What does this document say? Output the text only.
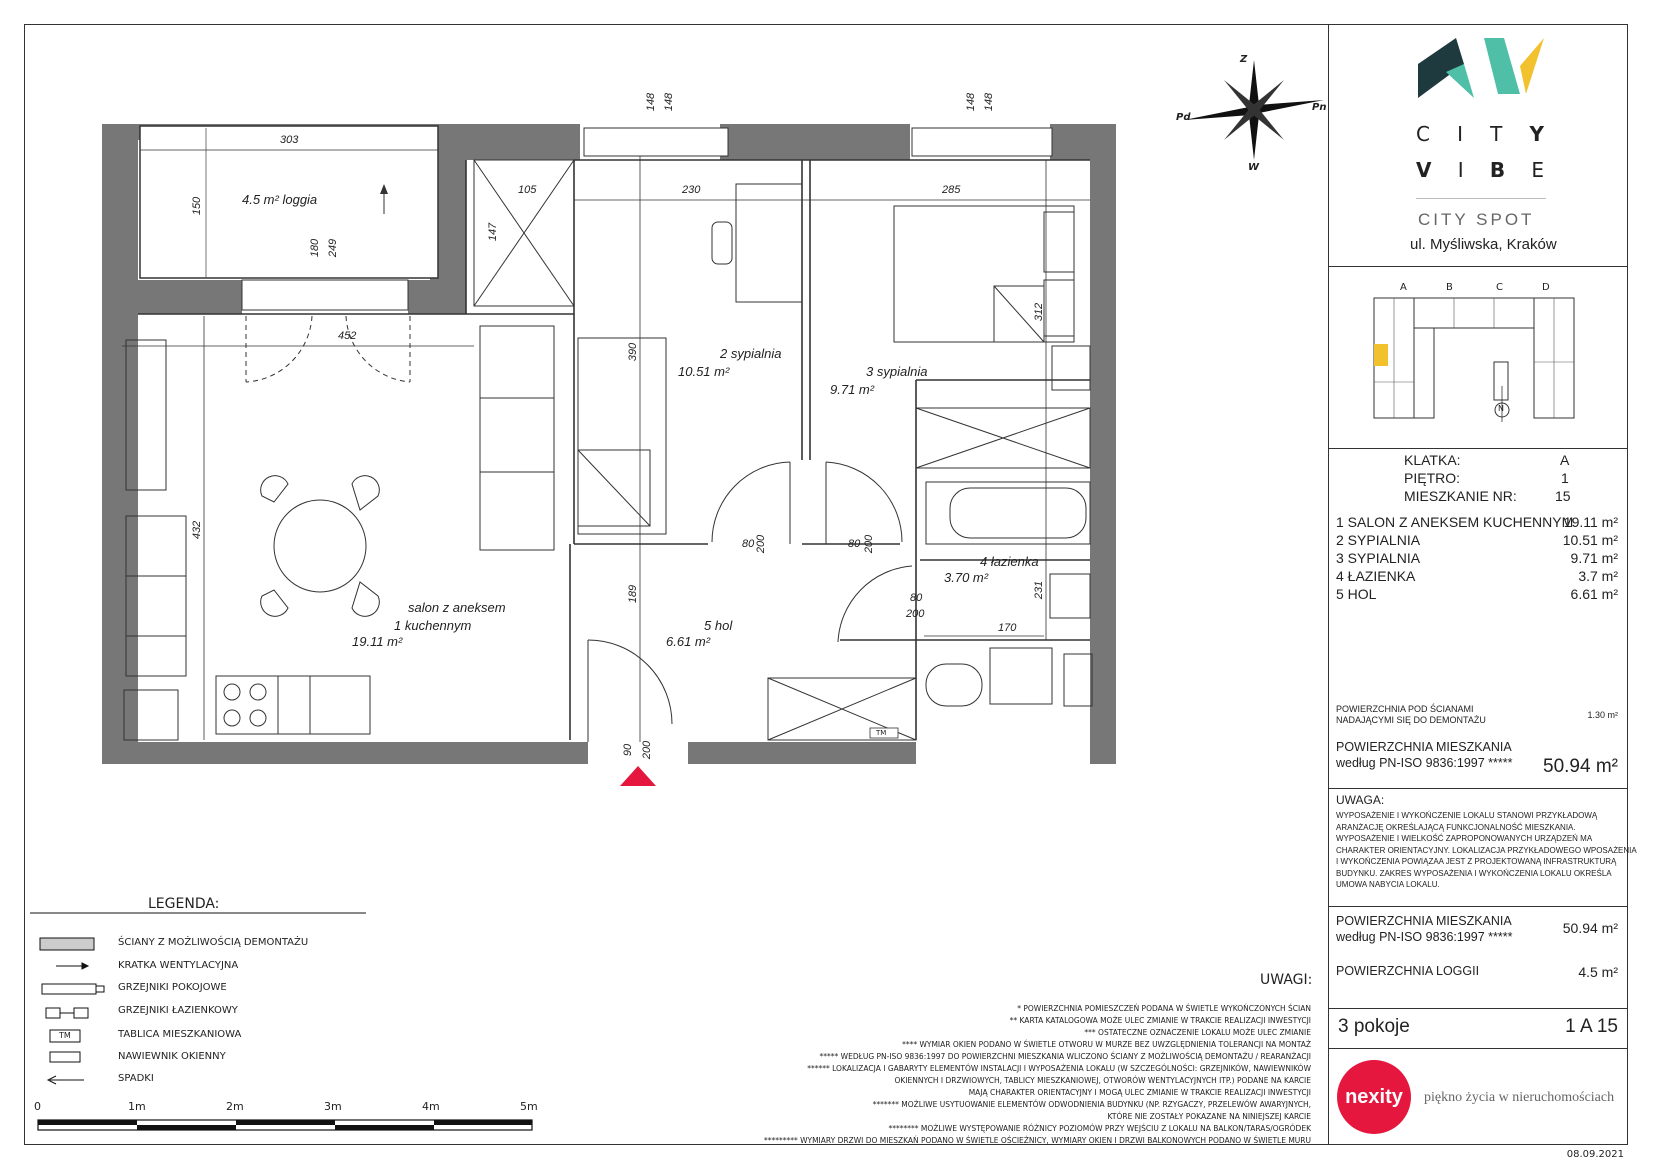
4.5 m² loggia
303
150
180 249
452
432
105
147
230
390
285
312
148 148	148 148
2 sypialnia
10.51 m²	3 sypialnia
9.71 m²
4 łazienka
3.70 m²
5 hol
6.61 m²
salon z aneksem
1 kuchennym
19.11 m²
80 200	80 200
80
200
189
170
231
90 200
TM
Z
W
Pd
Pn
LEGENDA:
ŚCIANY Z MOŻLIWOŚCIĄ DEMONTAŻU
KRATKA WENTYLACYJNA
GRZEJNIKI POKOJOWE
GRZEJNIKI ŁAZIENKOWY
TABLICA MIESZKANIOWA
NAWIEWNIK OKIENNY
SPADKI
TM
0	1m	2m	3m	4m	5m
UWAGI:
* POWIERZCHNIA POMIESZCZEŃ PODANA W ŚWIETLE WYKOŃCZONYCH ŚCIAN
** KARTA KATALOGOWA MOŻE ULEC ZMIANIE W TRAKCIE REALIZACJI INWESTYCJI
*** OSTATECZNE OZNACZENIE LOKALU MOŻE ULEC ZMIANIE
**** WYMIAR OKIEN PODANO W ŚWIETLE OTWORU W MURZE BEZ UWZGLĘDNIENIA TOLERANCJI NA MONTAŻ
***** WEDŁUG PN-ISO 9836:1997 DO POWIERZCHNI MIESZKANIA WLICZONO ŚCIANY Z MOŻLIWOŚCIĄ DEMONTAŻU / REARANŻACJI
****** LOKALIZACJA I GABARYTY ELEMENTÓW INSTALACJI I WYPOSAŻENIA LOKALU (W SZCZEGÓLNOŚCI: GRZEJNIKÓW, NAWIEWNIKÓW
OKIENNYCH I DRZWIOWYCH, TABLICY MIESZKANIOWEJ, OTWORÓW WENTYLACYJNYCH ITP.) PODANE NA KARCIE
MAJĄ CHARAKTER ORIENTACYJNY I MOGĄ ULEC ZMIANIE W TRAKCIE REALIZACJI INWESTYCJI
******* MOŻLIWE USYTUOWANIE ELEMENTÓW ODWODNIENIA BUDYNKU (NP. RZYGACZY, PRZELEWÓW AWARYJNYCH,
KTÓRE NIE ZOSTAŁY POKAZANE NA NINIEJSZEJ KARCIE
******** MOŻLIWE WYSTĘPOWANIE RÓŻNICY POZIOMÓW PRZY WEJŚCIU Z LOKALU NA BALKON/TARAS/OGRÓDEK
********* WYMIARY DRZWI DO MIESZKAŃ PODANO W ŚWIETLE OŚCIEŻNICY, WYMIARY OKIEN I DRZWI BALKONOWYCH PODANO W ŚWIETLE MURU
C I T Y
V I B E
CITY SPOT
ul. Myśliwska, Kraków
A	B	C	D
N
KLATKA:	A
PIĘTRO:	1
MIESZKANIE NR:	15
1 SALON Z ANEKSEM KUCHENNYM
19.11 m²
2 SYPIALNIA	10.51 m²
3 SYPIALNIA	9.71 m²
4 ŁAZIENKA	3.7 m²
5 HOL	6.61 m²
POWIERZCHNIA POD ŚCIANAMI
NADAJĄCYMI SIĘ DO DEMONTAŻU	1.30 m²
POWIERZCHNIA MIESZKANIA
według PN-ISO 9836:1997 ***** 50.94 m²
UWAGA:
WYPOSAŻENIE I WYKOŃCZENIE LOKALU STANOWI PRZYKŁADOWĄ
ARANŻACJĘ OKREŚLAJĄCĄ FUNKCJONALNOŚĆ MIESZKANIA.
WYPOSAŻENIE I WIELKOŚĆ ZAPROPONOWANYCH URZĄDZEŃ MA
CHARAKTER ORIENTACYJNY. LOKALIZACJA PRZYKŁADOWEGO WPOSAŻENIA
I WYKOŃCZENIA POWIĄZAA JEST Z PROJEKTOWANĄ INFRASTRUKTURĄ
BUDYNKU. ZAKRES WYPOSAŻENIA I WYKOŃCZENIA LOKALU OKREŚLA
UMOWA NABYCIA LOKALU.
POWIERZCHNIA MIESZKANIA
według PN-ISO 9836:1997 *****
50.94 m²
POWIERZCHNIA LOGGII	4.5 m²
3 pokoje	1 A 15
nexity	piękno życia w nieruchomościach
08.09.2021
